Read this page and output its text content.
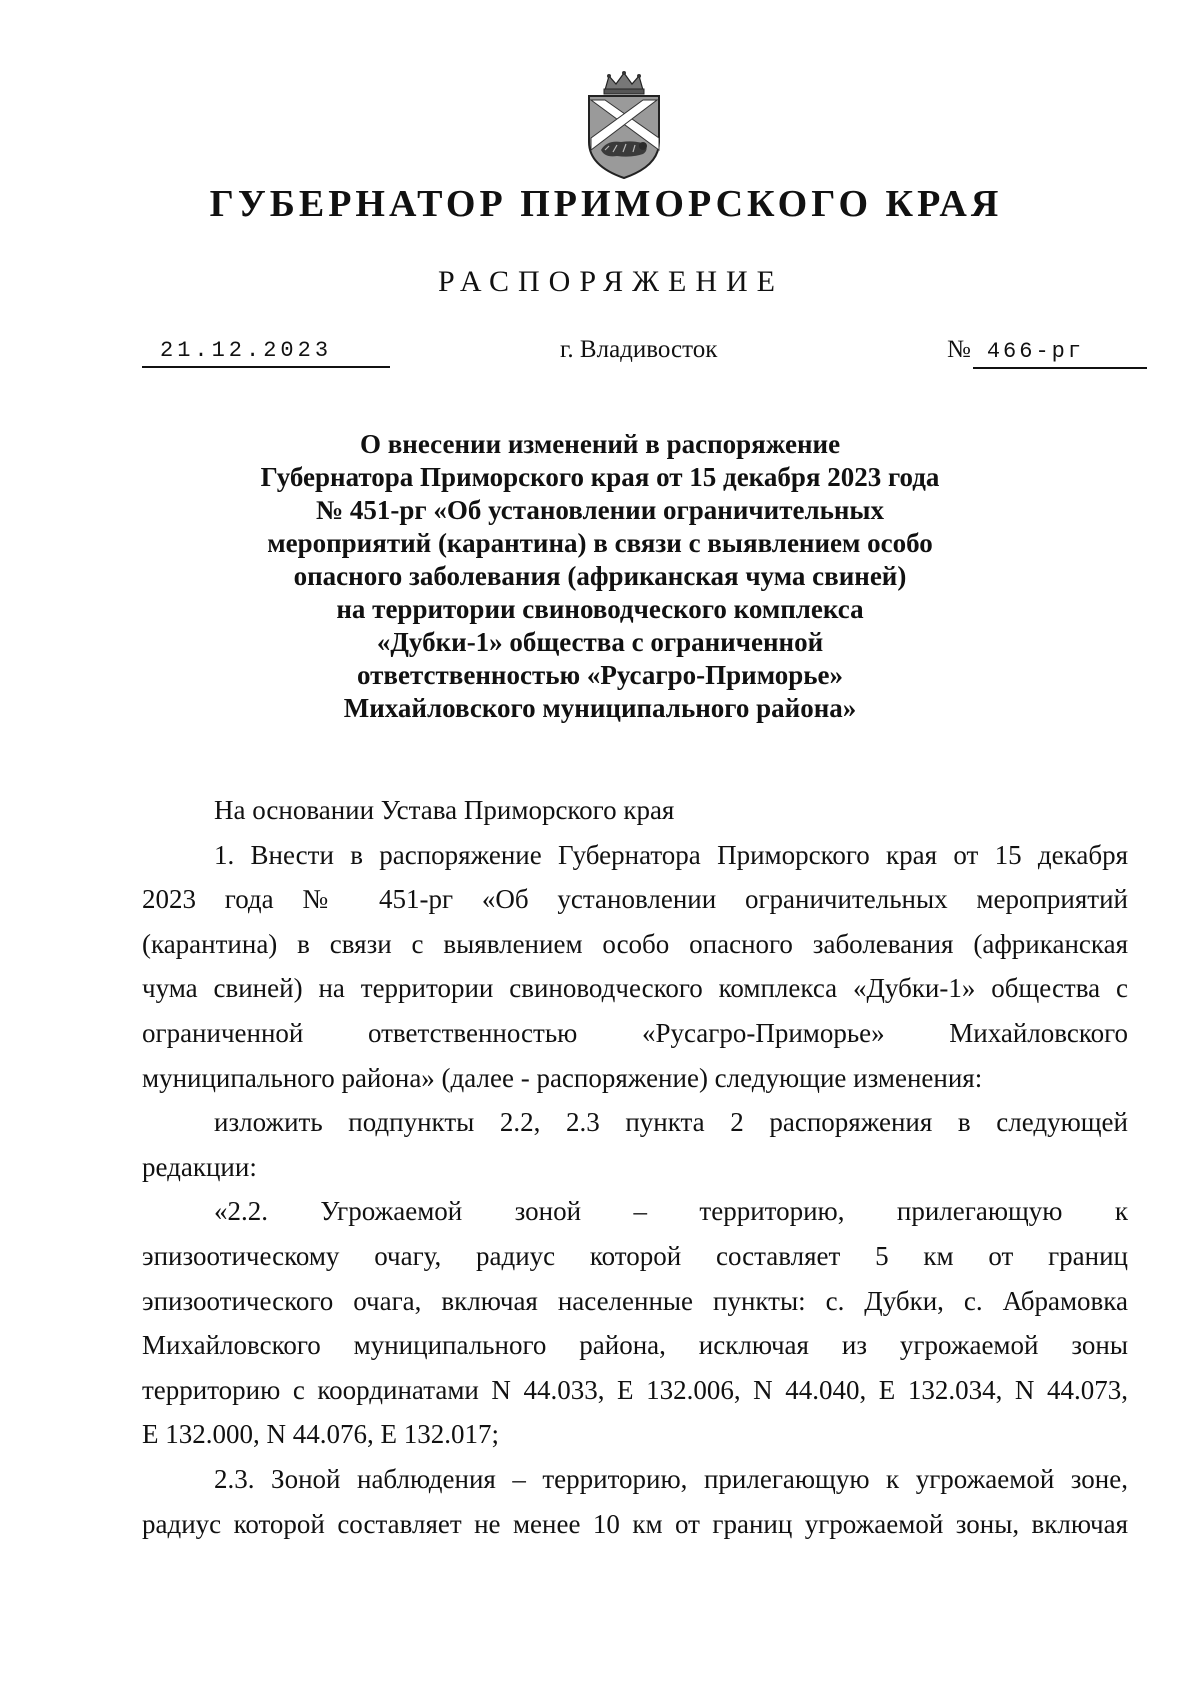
ГУБЕРНАТОР ПРИМОРСКОГО КРАЯ
РАСПОРЯЖЕНИЕ
21.12.2023	г. Владивосток	№ 466-рг
О внесении изменений в распоряжение
Губернатора Приморского края от 15 декабря 2023 года
№ 451-рг «Об установлении ограничительных
мероприятий (карантина) в связи с выявлением особо
опасного заболевания (африканская чума свиней)
на территории свиноводческого комплекса
«Дубки-1» общества с ограниченной
ответственностью «Русагро-Приморье»
Михайловского муниципального района»

На основании Устава Приморского края

1. Внести в распоряжение Губернатора Приморского края от 15 декабря
2023 года № 451-рг «Об установлении ограничительных мероприятий
(карантина) в связи с выявлением особо опасного заболевания (африканская
чума свиней) на территории свиноводческого комплекса «Дубки-1» общества с
ограниченной ответственностью «Русагро-Приморье» Михайловского
муниципального района» (далее - распоряжение) следующие изменения:

изложить подпункты 2.2, 2.3 пункта 2 распоряжения в следующей
редакции:

«2.2. Угрожаемой зоной – территорию, прилегающую к
эпизоотическому очагу, радиус которой составляет 5 км от границ
эпизоотического очага, включая населенные пункты: с. Дубки, с. Абрамовка
Михайловского муниципального района, исключая из угрожаемой зоны
территорию с координатами N 44.033, E 132.006, N 44.040, E 132.034, N 44.073,
E 132.000, N 44.076, E 132.017;

2.3. Зоной наблюдения – территорию, прилегающую к угрожаемой зоне,
радиус которой составляет не менее 10 км от границ угрожаемой зоны, включая
